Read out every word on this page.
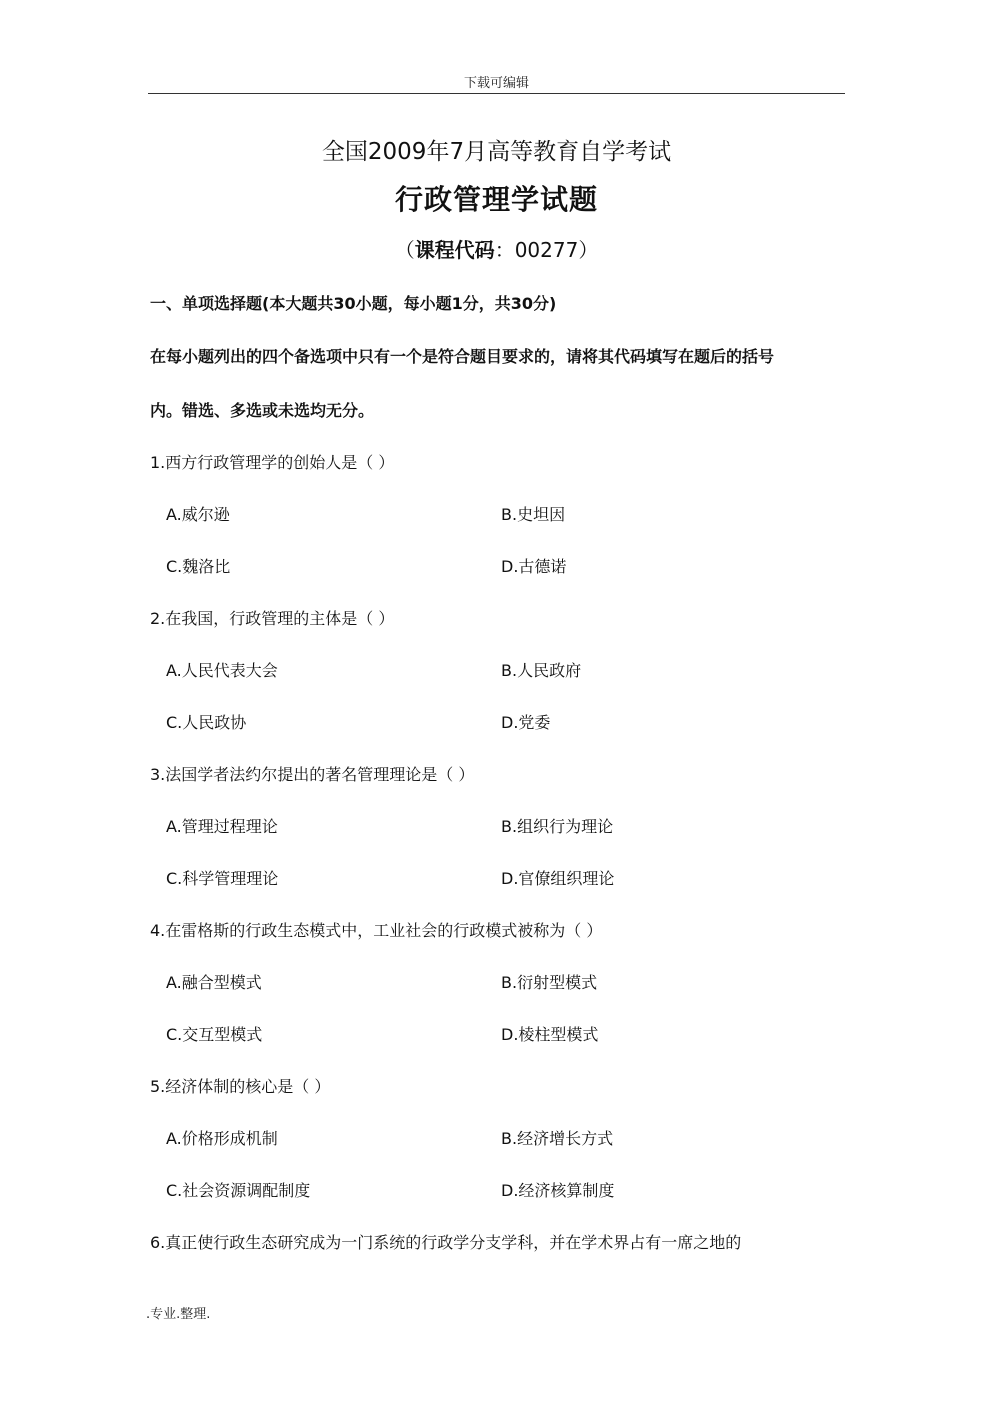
下载可编辑
全国2009年7月高等教育自学考试
行政管理学试题
（课程代码：00277）
一、单项选择题(本大题共30小题，每小题1分，共30分)
在每小题列出的四个备选项中只有一个是符合题目要求的，请将其代码填写在题后的括号
内。错选、多选或未选均无分。
1.西方行政管理学的创始人是（ ）
A.威尔逊	B.史坦因
C.魏洛比	D.古德诺
2.在我国，行政管理的主体是（ ）
A.人民代表大会	B.人民政府
C.人民政协	D.党委
3.法国学者法约尔提出的著名管理理论是（ ）
A.管理过程理论	B.组织行为理论
C.科学管理理论	D.官僚组织理论
4.在雷格斯的行政生态模式中，工业社会的行政模式被称为（ ）
A.融合型模式	B.衍射型模式
C.交互型模式	D.棱柱型模式
5.经济体制的核心是（ ）
A.价格形成机制	B.经济增长方式
C.社会资源调配制度	D.经济核算制度
6.真正使行政生态研究成为一门系统的行政学分支学科，并在学术界占有一席之地的
.专业.整理.
